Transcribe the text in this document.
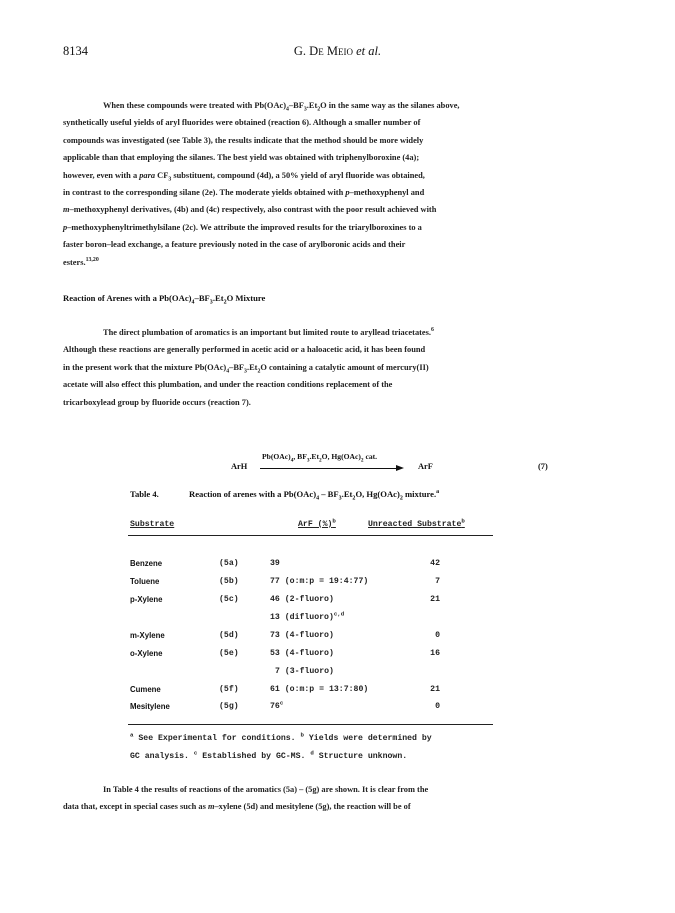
8134	G. De Meio et al.
When these compounds were treated with $Pb(OAc)_4-BF_3.Et_2O$ in the same way as the silanes above,
synthetically useful yields of aryl fluorides were obtained (reaction 6). Although a smaller number of
compounds was investigated (see Table 3), the results indicate that the method should be more widely
applicable than that employing the silanes. The best yield was obtained with triphenylboroxine (4a);
however, even with a para $CF_3$ substituent, compound (4d), a 50% yield of aryl fluoride was obtained,
in contrast to the corresponding silane (2e). The moderate yields obtained with p–methoxyphenyl and
m–methoxyphenyl derivatives, (4b) and (4c) respectively, also contrast with the poor result achieved with
p–methoxyphenyltrimethylsilane (2c). We attribute the improved results for the triarylboroxines to a
faster boron–lead exchange, a feature previously noted in the case of arylboronic acids and their
esters.$^{13,20}$
Reaction of Arenes with a $Pb(OAc)_4-BF_3.Et_2O$ Mixture
The direct plumbation of aromatics is an important but limited route to aryllead triacetates.$^6$
Although these reactions are generally performed in acetic acid or a haloacetic acid, it has been found
in the present work that the mixture $Pb(OAc)_4-BF_3.Et_2O$ containing a catalytic amount of mercury(II)
acetate will also effect this plumbation, and under the reaction conditions replacement of the
tricarboxylead group by fluoride occurs (reaction 7).
ArH
$Pb(OAc)_4$, $BF_3.Et_2O$, $Hg(OAc)_2$ cat.
ArF	(7)
Table 4.	Reaction of arenes with a $Pb(OAc)_4 - BF_3.Et_2O$, $Hg(OAc)_2$ mixture.$^a$
Substrate	ArF (%)$^b$	Unreacted Substrate$^b$
Benzene	(5a)	39	42
Toluene	(5b)	77 (o:m:p = 19:4:77)	7
p-Xylene	(5c)	46 (2-fluoro)	21
13 (difluoro)$^{c,d}$
m-Xylene	(5d)	73 (4-fluoro)	0
o-Xylene	(5e)	53 (4-fluoro)	16
7 (3-fluoro)
Cumene	(5f)	61 (o:m:p = 13:7:80)	21
Mesitylene	(5g)	76$^c$	0
$^a$ See Experimental for conditions. $^b$ Yields were determined by
GC analysis. $^c$ Established by GC-MS. $^d$ Structure unknown.
In Table 4 the results of reactions of the aromatics (5a) – (5g) are shown. It is clear from the
data that, except in special cases such as m–xylene (5d) and mesitylene (5g), the reaction will be of
